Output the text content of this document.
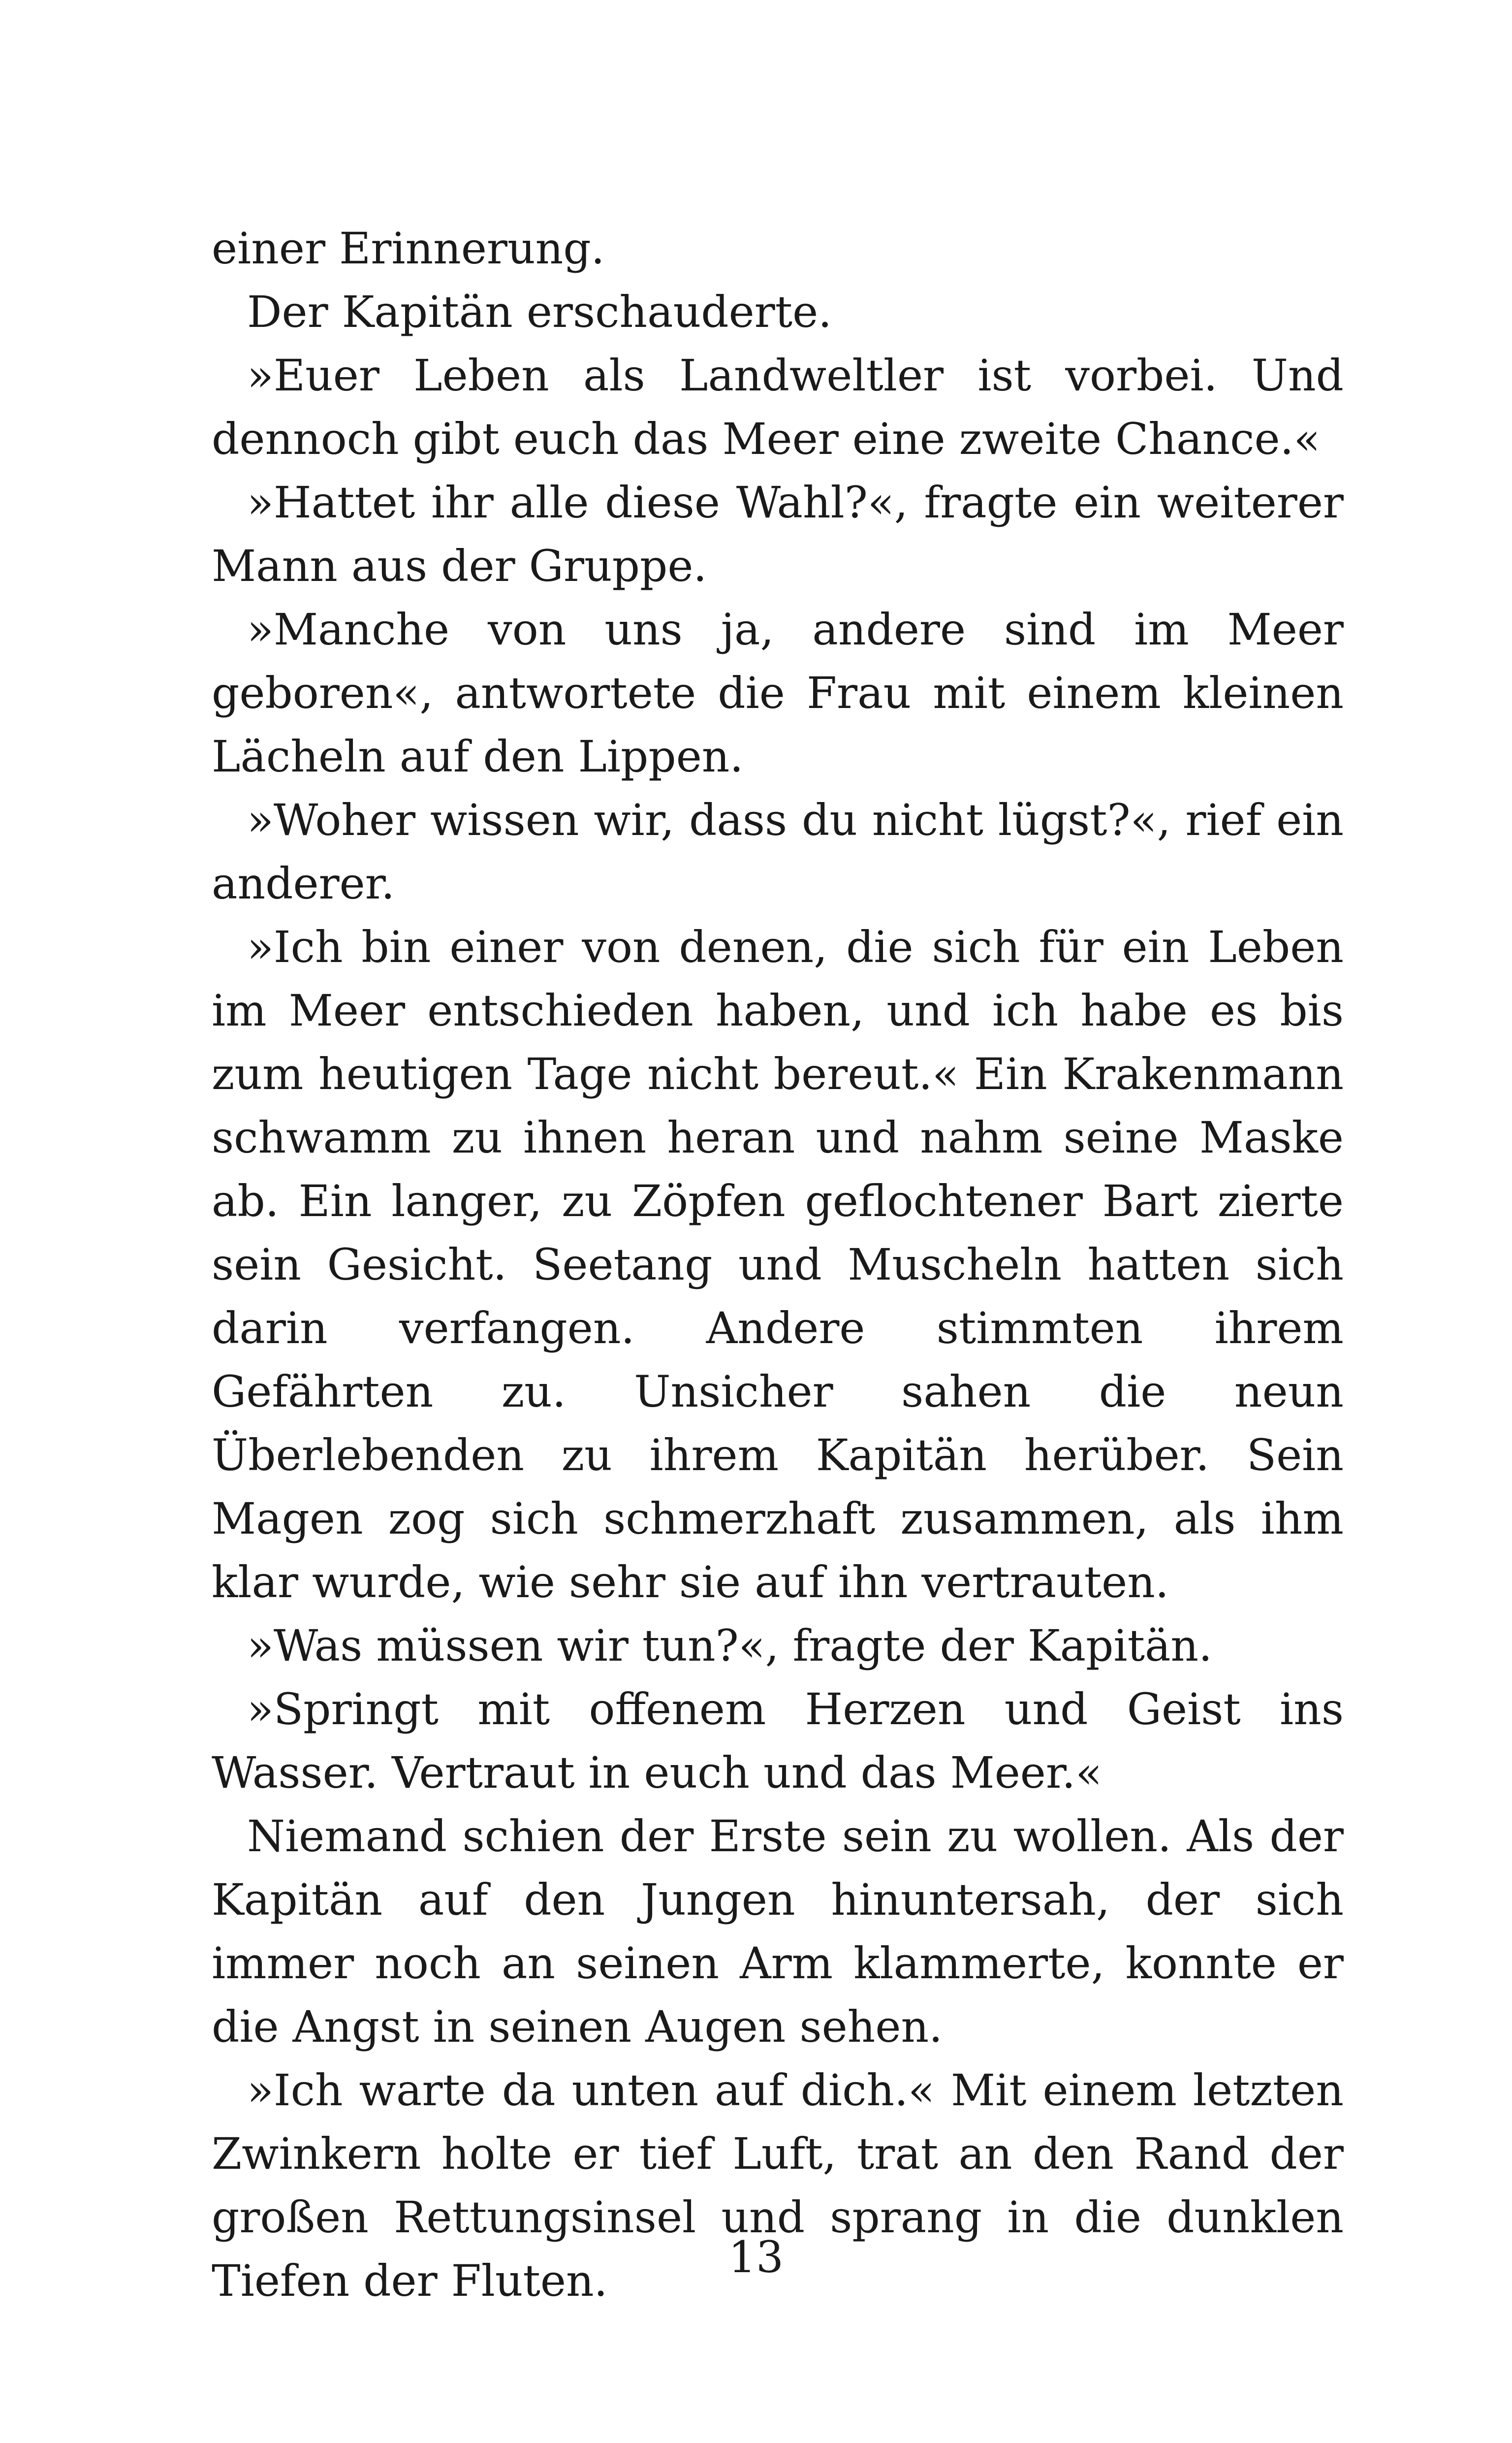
einer Erinnerung.

Der Kapitän erschauderte.

»Euer Leben als Landweltler ist vorbei. Und dennoch gibt euch das Meer eine zweite Chance.«

»Hattet ihr alle diese Wahl?«, fragte ein weiterer Mann aus der Gruppe.

»Manche von uns ja, andere sind im Meer geboren«, antwortete die Frau mit einem kleinen Lächeln auf den Lippen.

»Woher wissen wir, dass du nicht lügst?«, rief ein anderer.

»Ich bin einer von denen, die sich für ein Leben im Meer entschieden haben, und ich habe es bis zum heutigen Tage nicht bereut.« Ein Krakenmann schwamm zu ihnen heran und nahm seine Maske ab. Ein langer, zu Zöpfen geflochtener Bart zierte sein Gesicht. Seetang und Muscheln hatten sich darin verfangen. Andere stimmten ihrem Gefährten zu. Unsicher sahen die neun Überlebenden zu ihrem Kapitän herüber. Sein Magen zog sich schmerzhaft zusammen, als ihm klar wurde, wie sehr sie auf ihn vertrauten.

»Was müssen wir tun?«, fragte der Kapitän.

»Springt mit offenem Herzen und Geist ins Wasser. Vertraut in euch und das Meer.«

Niemand schien der Erste sein zu wollen. Als der Kapitän auf den Jungen hinuntersah, der sich immer noch an seinen Arm klammerte, konnte er die Angst in seinen Augen sehen.

»Ich warte da unten auf dich.« Mit einem letzten Zwinkern holte er tief Luft, trat an den Rand der großen Rettungsinsel und sprang in die dunklen Tiefen der Fluten.	13
